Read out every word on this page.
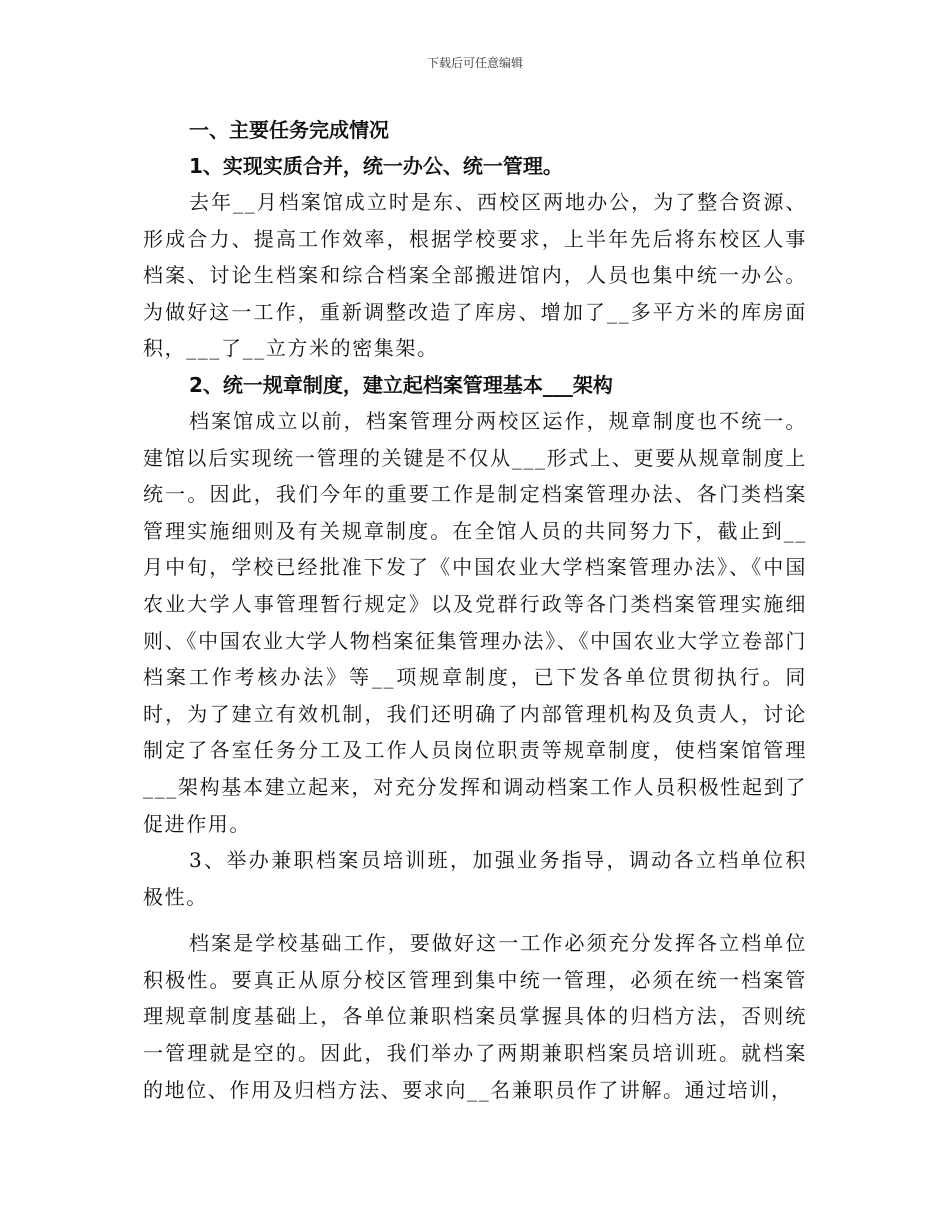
下载后可任意编辑

一、主要任务完成情况

1、实现实质合并，统一办公、统一管理。

去年__月档案馆成立时是东、西校区两地办公，为了整合资源、形成合力、提高工作效率，根据学校要求，上半年先后将东校区人事档案、讨论生档案和综合档案全部搬进馆内，人员也集中统一办公。为做好这一工作，重新调整改造了库房、增加了__多平方米的库房面积，___了__立方米的密集架。

2、统一规章制度，建立起档案管理基本___架构

档案馆成立以前，档案管理分两校区运作，规章制度也不统一。建馆以后实现统一管理的关键是不仅从___形式上、更要从规章制度上统一。因此，我们今年的重要工作是制定档案管理办法、各门类档案管理实施细则及有关规章制度。在全馆人员的共同努力下，截止到__月中旬，学校已经批准下发了《中国农业大学档案管理办法》、《中国农业大学人事管理暂行规定》以及党群行政等各门类档案管理实施细则、《中国农业大学人物档案征集管理办法》、《中国农业大学立卷部门档案工作考核办法》等__项规章制度，已下发各单位贯彻执行。同时，为了建立有效机制，我们还明确了内部管理机构及负责人，讨论制定了各室任务分工及工作人员岗位职责等规章制度，使档案馆管理___架构基本建立起来，对充分发挥和调动档案工作人员积极性起到了促进作用。

3、举办兼职档案员培训班，加强业务指导，调动各立档单位积极性。

档案是学校基础工作，要做好这一工作必须充分发挥各立档单位积极性。要真正从原分校区管理到集中统一管理，必须在统一档案管理规章制度基础上，各单位兼职档案员掌握具体的归档方法，否则统一管理就是空的。因此，我们举办了两期兼职档案员培训班。就档案的地位、作用及归档方法、要求向__名兼职员作了讲解。通过培训，
